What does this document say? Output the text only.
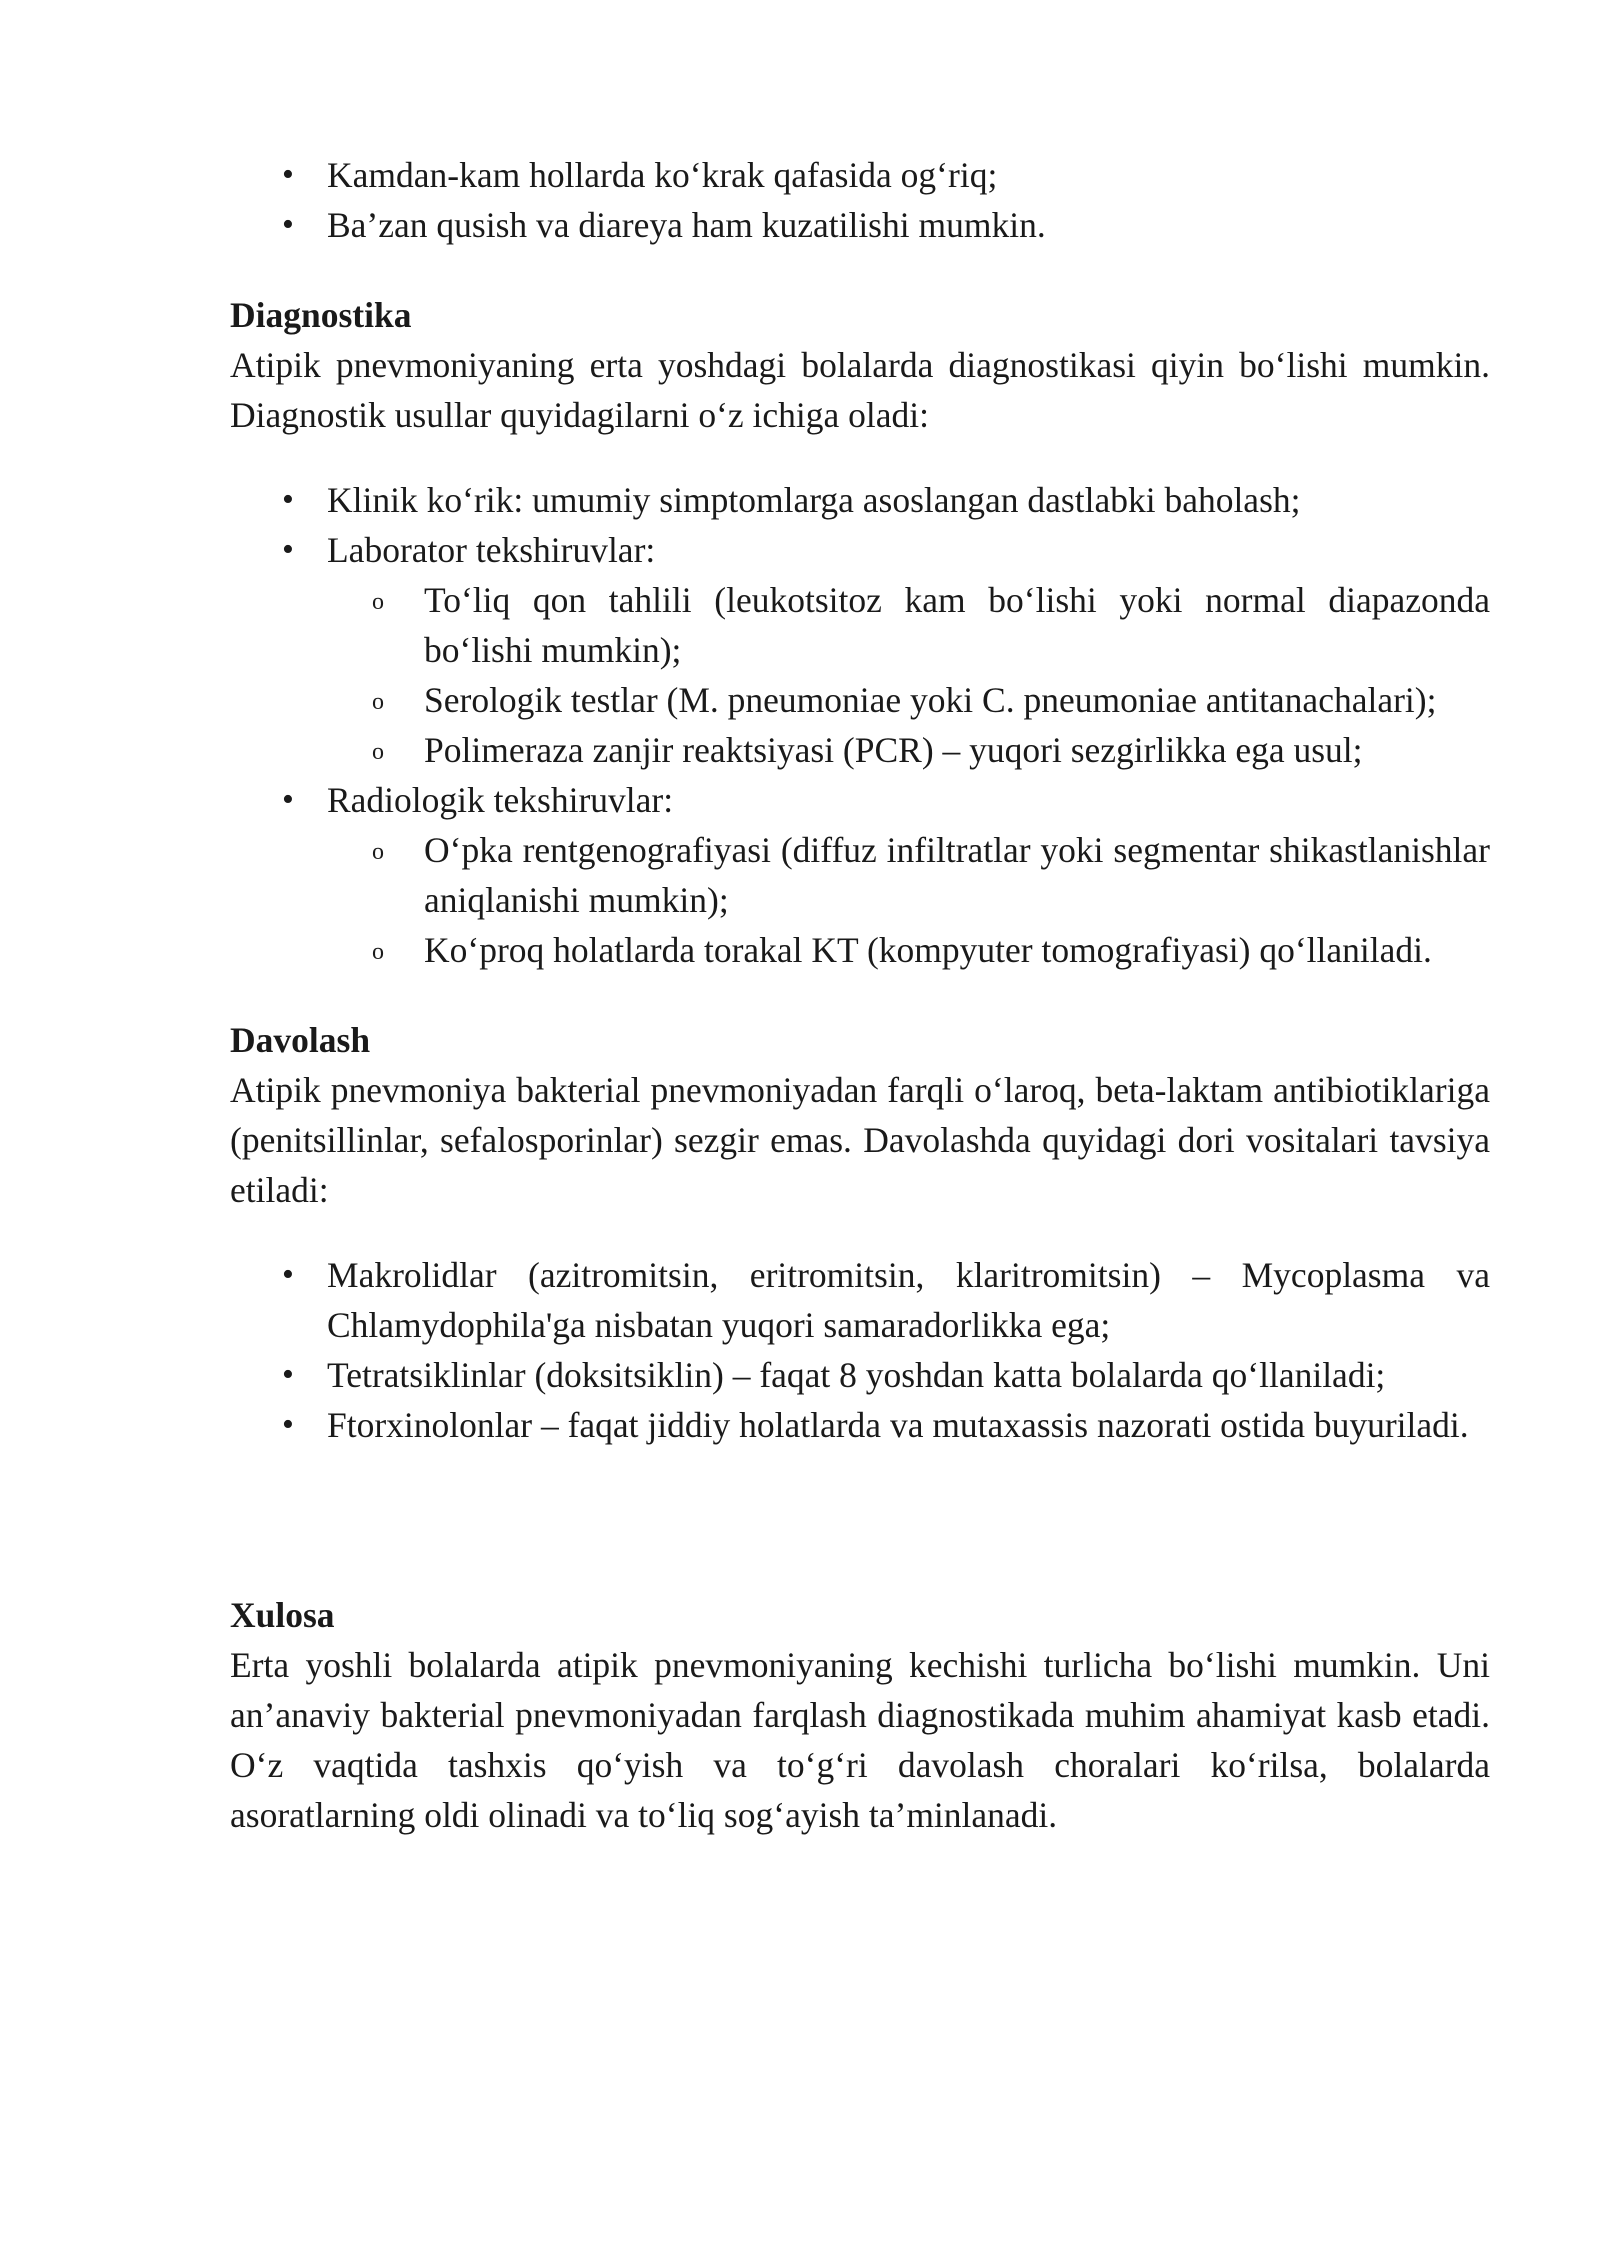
• Kamdan-kam hollarda ko‘krak qafasida og‘riq;
• Ba’zan qusish va diareya ham kuzatilishi mumkin.
Diagnostika

Atipik pnevmoniyaning erta yoshdagi bolalarda diagnostikasi qiyin bo‘lishi mumkin. Diagnostik usullar quyidagilarni o‘z ichiga oladi:

• Klinik ko‘rik: umumiy simptomlarga asoslangan dastlabki baholash;
• Laborator tekshiruvlar:
o To‘liq qon tahlili (leukotsitoz kam bo‘lishi yoki normal diapazonda bo‘lishi mumkin);
o Serologik testlar (M. pneumoniae yoki C. pneumoniae antitanachalari);
o Polimeraza zanjir reaktsiyasi (PCR) – yuqori sezgirlikka ega usul;
• Radiologik tekshiruvlar:
o O‘pka rentgenografiyasi (diffuz infiltratlar yoki segmentar shikastlanishlar aniqlanishi mumkin);
o Ko‘proq holatlarda torakal KT (kompyuter tomografiyasi) qo‘llaniladi.
Davolash

Atipik pnevmoniya bakterial pnevmoniyadan farqli o‘laroq, beta-laktam antibiotiklariga (penitsillinlar, sefalosporinlar) sezgir emas. Davolashda quyidagi dori vositalari tavsiya etiladi:

• Makrolidlar (azitromitsin, eritromitsin, klaritromitsin) – Mycoplasma va Chlamydophila'ga nisbatan yuqori samaradorlikka ega;
• Tetratsiklinlar (doksitsiklin) – faqat 8 yoshdan katta bolalarda qo‘llaniladi;
• Ftorxinolonlar – faqat jiddiy holatlarda va mutaxassis nazorati ostida buyuriladi.
Xulosa

Erta yoshli bolalarda atipik pnevmoniyaning kechishi turlicha bo‘lishi mumkin. Uni an’anaviy bakterial pnevmoniyadan farqlash diagnostikada muhim ahamiyat kasb etadi. O‘z vaqtida tashxis qo‘yish va to‘g‘ri davolash choralari ko‘rilsa, bolalarda asoratlarning oldi olinadi va to‘liq sog‘ayish ta’minlanadi.
